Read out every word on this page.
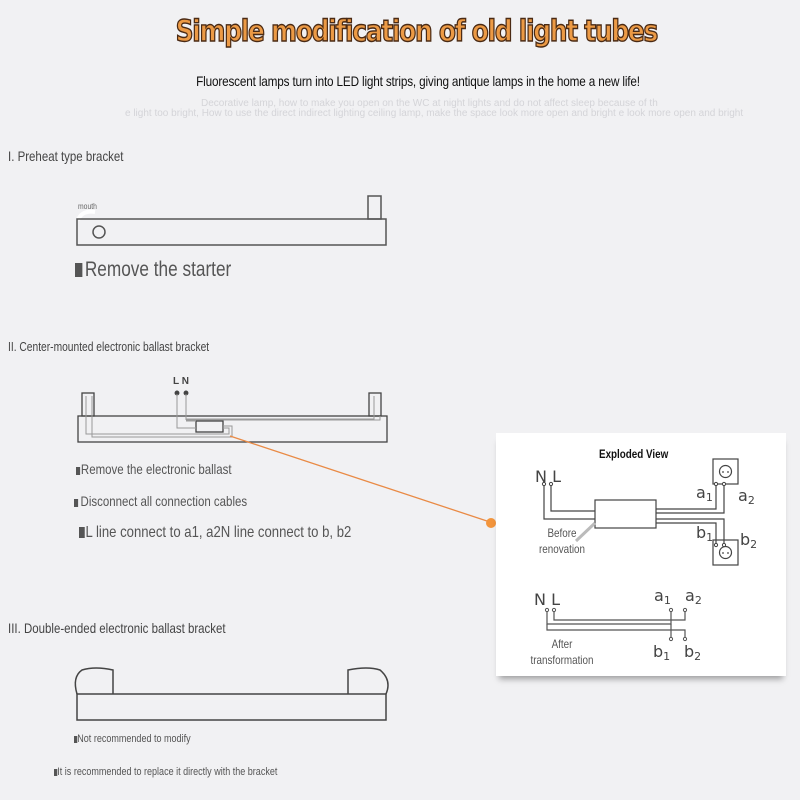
Simple modification of old light tubes
Fluorescent lamps turn into LED light strips, giving antique lamps in the home a new life!
Decorative lamp, how to make you open on the WC at night lights and do not affect sleep because of th
e light too bright, How to use the direct indirect lighting ceiling lamp, make the space look more open and bright e look more open and bright
I. Preheat type bracket
mouth
Remove the starter
II. Center-mounted electronic ballast bracket
L N
Remove the electronic ballast
Disconnect all connection cables
L line connect to a1, a2N line connect to b, b2
III. Double-ended electronic ballast bracket
Not recommended to modify
It is recommended to replace it directly with the bracket
Exploded View
N L
$a_1$ $a_2$
$b_1$ $b_2$
Before
renovation
N L	$a_1$ $a_2$
$b_1$ $b_2$
After
transformation
